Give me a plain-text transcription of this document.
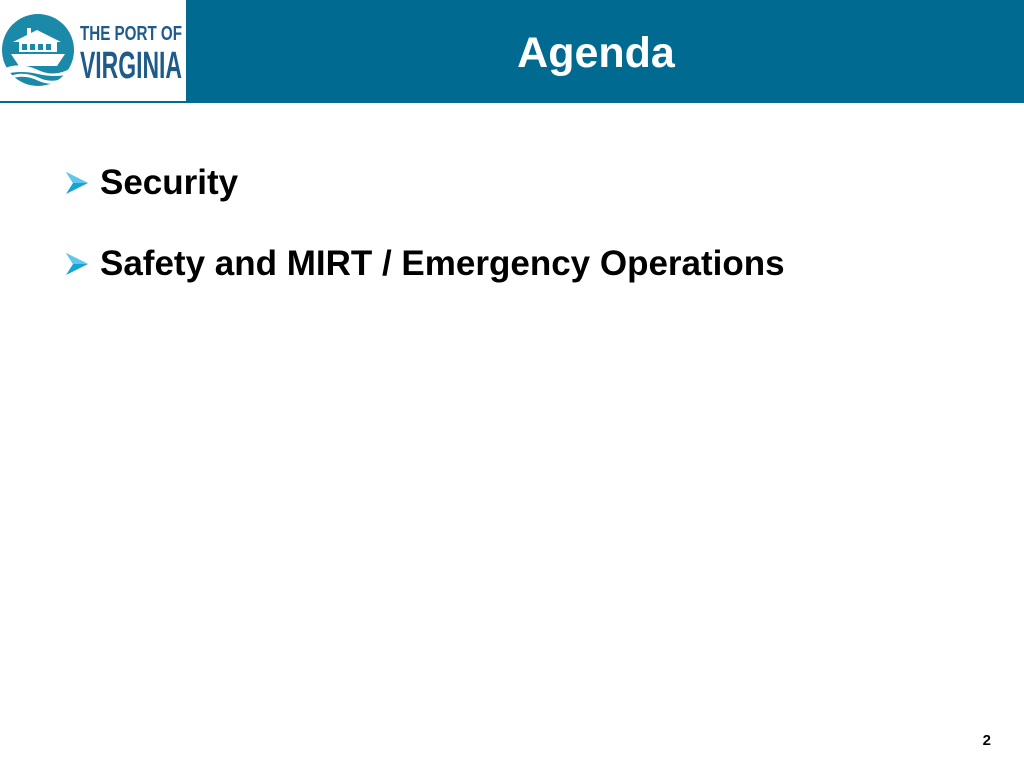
THE PORT OF
VIRGINIA	Agenda
Security
Safety and MIRT / Emergency Operations
2
